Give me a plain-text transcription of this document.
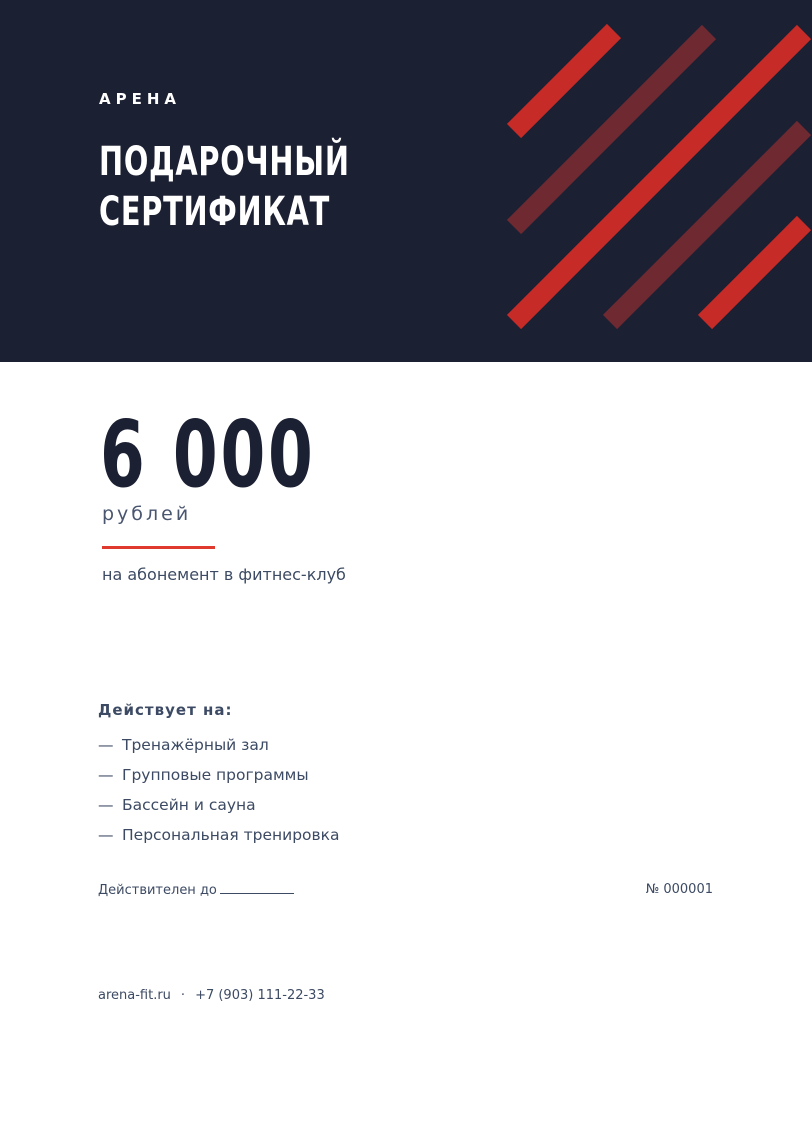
АРЕНА
ПОДАРОЧНЫЙ
СЕРТИФИКАТ
6 000
рублей
на абонемент в фитнес-клуб
Действует на:
— Тренажёрный зал
— Групповые программы
— Бассейн и сауна
— Персональная тренировка
Действителен до	№ 000001
arena-fit.ru · +7 (903) 111-22-33
